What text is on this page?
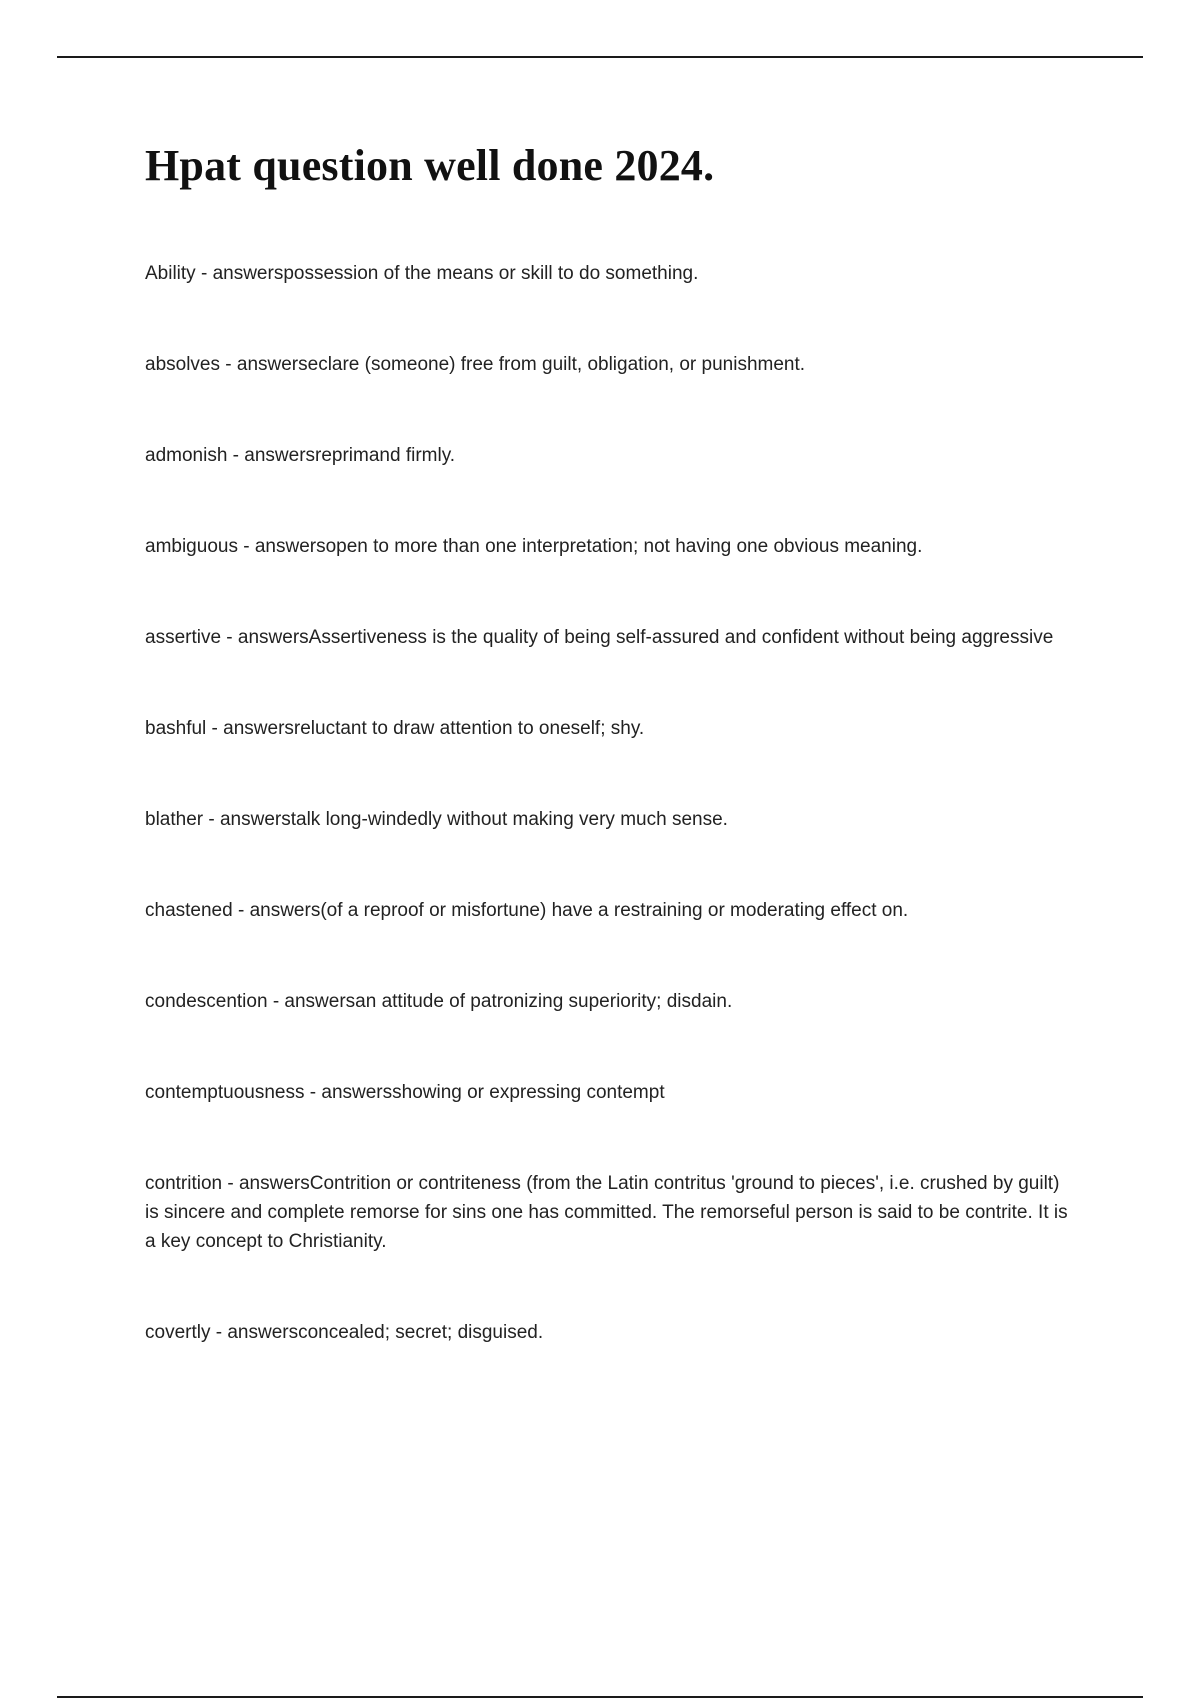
Hpat question well done 2024.
Ability - answerspossession of the means or skill to do something.
absolves - answerseclare (someone) free from guilt, obligation, or punishment.
admonish - answersreprimand firmly.
ambiguous - answersopen to more than one interpretation; not having one obvious meaning.
assertive - answersAssertiveness is the quality of being self-assured and confident without being aggressive
bashful - answersreluctant to draw attention to oneself; shy.
blather - answerstalk long-windedly without making very much sense.
chastened - answers(of a reproof or misfortune) have a restraining or moderating effect on.
condescention - answersan attitude of patronizing superiority; disdain.
contemptuousness - answersshowing or expressing contempt
contrition - answersContrition or contriteness (from the Latin contritus 'ground to pieces', i.e. crushed by guilt) is sincere and complete remorse for sins one has committed. The remorseful person is said to be contrite. It is a key concept to Christianity.
covertly - answersconcealed; secret; disguised.
